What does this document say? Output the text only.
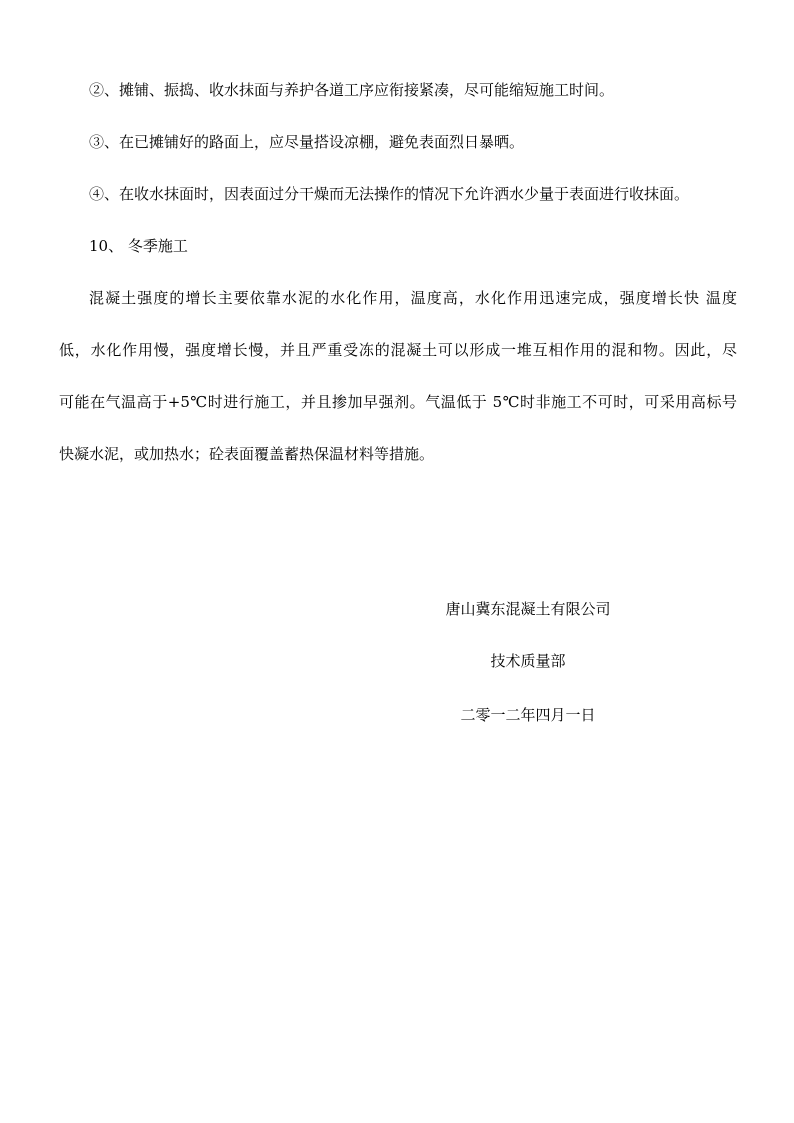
②、摊铺、振捣、收水抹面与养护各道工序应衔接紧凑，尽可能缩短施工时间。
③、在已摊铺好的路面上，应尽量搭设凉棚，避免表面烈日暴晒。
④、在收水抹面时，因表面过分干燥而无法操作的情况下允许洒水少量于表面进行收抹面。
10、 冬季施工
混凝土强度的增长主要依靠水泥的水化作用，温度高，水化作用迅速完成，强度增长快 温度
低，水化作用慢，强度增长慢，并且严重受冻的混凝土可以形成一堆互相作用的混和物。因此，尽
可能在气温高于+5℃时进行施工，并且掺加早强剂。气温低于 5℃时非施工不可时，可采用高标号
快凝水泥，或加热水；砼表面覆盖蓄热保温材料等措施。
唐山冀东混凝土有限公司
技术质量部
二零一二年四月一日
